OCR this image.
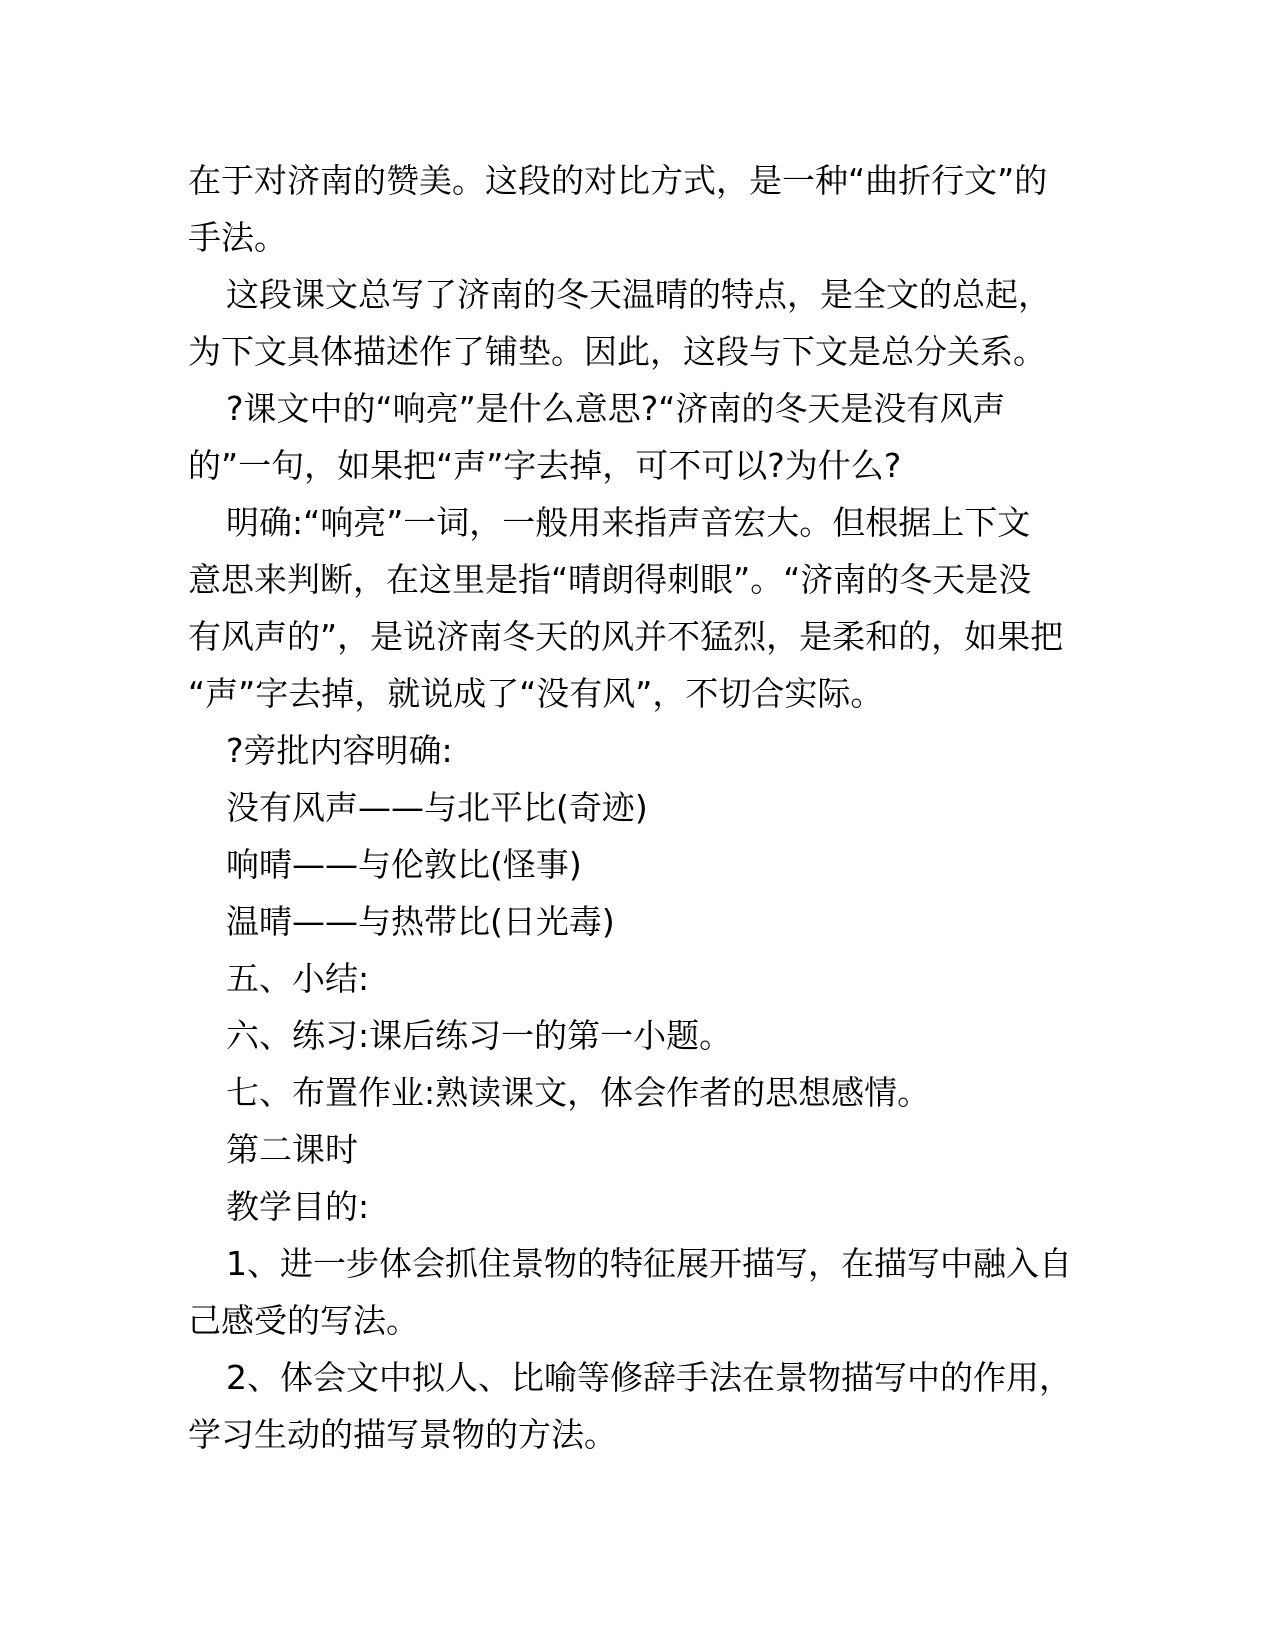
在于对济南的赞美。这段的对比方式，是一种“曲折行文”的
手法。
这段课文总写了济南的冬天温晴的特点，是全文的总起，
为下文具体描述作了铺垫。因此，这段与下文是总分关系。
?课文中的“响亮”是什么意思?“济南的冬天是没有风声
的”一句，如果把“声”字去掉，可不可以?为什么?
明确:“响亮”一词，一般用来指声音宏大。但根据上下文
意思来判断，在这里是指“晴朗得刺眼”。“济南的冬天是没
有风声的”，是说济南冬天的风并不猛烈，是柔和的，如果把
“声”字去掉，就说成了“没有风”，不切合实际。
?旁批内容明确:
没有风声——与北平比(奇迹)
响晴——与伦敦比(怪事)
温晴——与热带比(日光毒)
五、小结:
六、练习:课后练习一的第一小题。
七、布置作业:熟读课文，体会作者的思想感情。
第二课时
教学目的:
1、进一步体会抓住景物的特征展开描写，在描写中融入自
己感受的写法。
2、体会文中拟人、比喻等修辞手法在景物描写中的作用，
学习生动的描写景物的方法。
